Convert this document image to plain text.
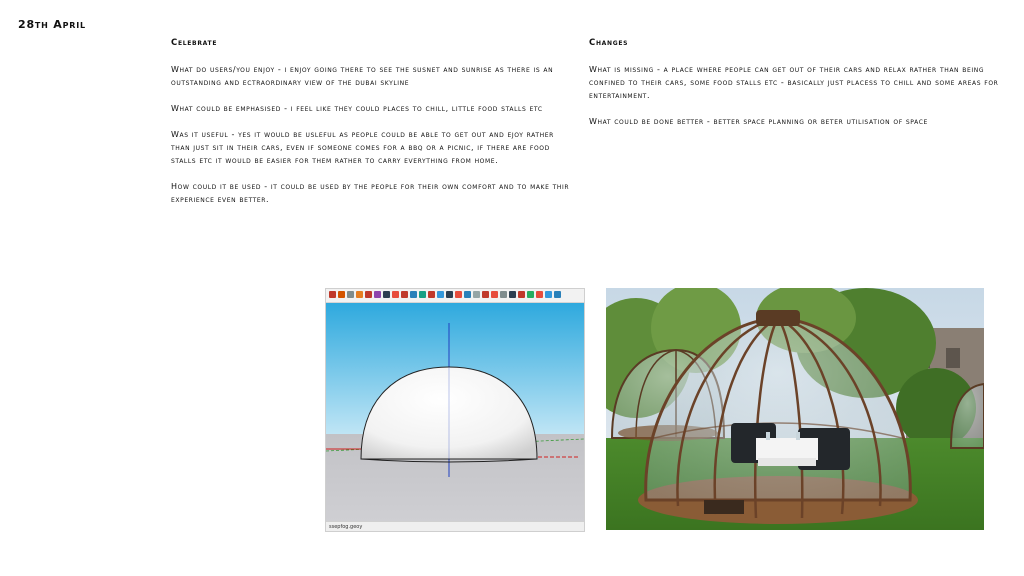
28th April
Celebrate

What do users/you enjoy - i enjoy going there to see the susnet and sunrise as there is an outstanding and ectraordinary view of the dubai skyline

What could be emphasised - i feel like they could places to chill, little food stalls etc

Was it useful - yes it would be usleful as people could be able to get out and ejoy rather than just sit in their cars, even if someone comes for a bbq or a picnic, if there are food stalls etc it would be easier for them rather to carry everything from home.

How could it be used - it could be used by the people for their own comfort and to make thir experience even better.

Changes

What is missing - a place where people can get out of their cars and relax rather than being confined to their cars, some food stalls etc - basically just placess to chill and some areas for entertainment.

What could be done better - better space planning or beter utilisation of space

ssepfog.geoy
